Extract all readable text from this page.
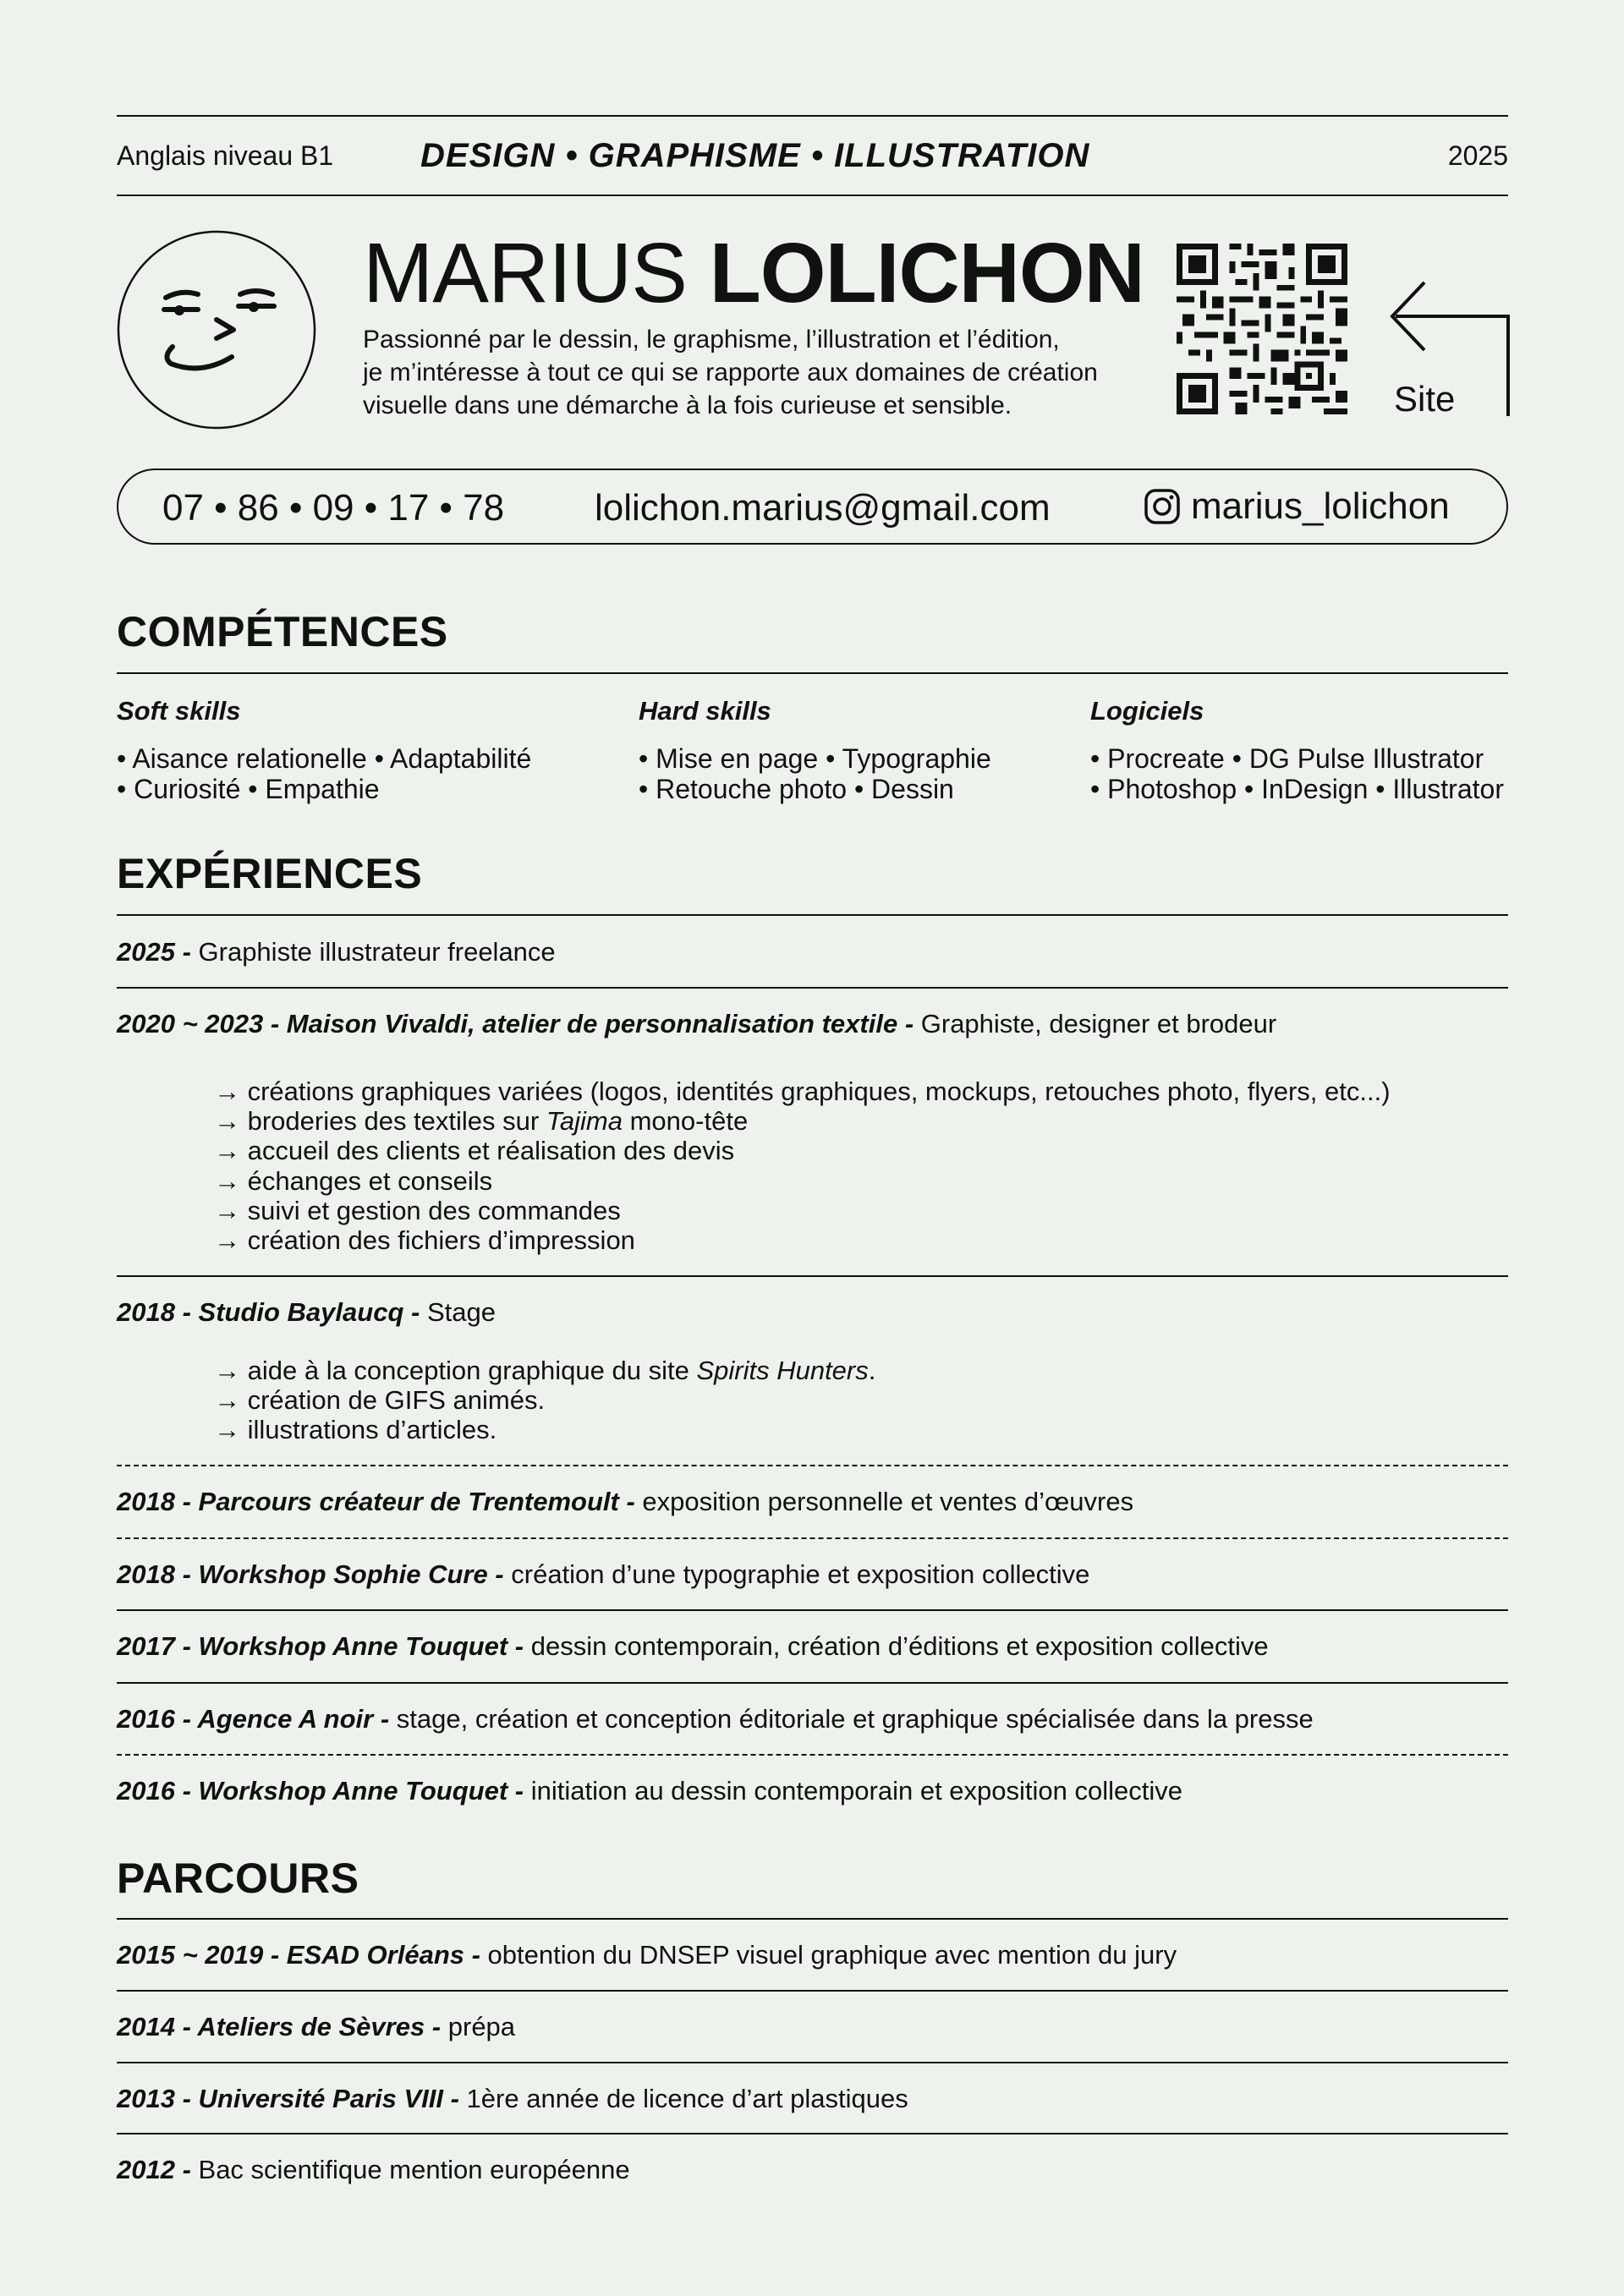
Anglais niveau B1	DESIGN • GRAPHISME • ILLUSTRATION	2025
MARIUS LOLICHON
Passionné par le dessin, le graphisme, l’illustration et l’édition,
je m’intéresse à tout ce qui se rapporte aux domaines de création
visuelle dans une démarche à la fois curieuse et sensible.	Site
07 • 86 • 09 • 17 • 78 lolichon.marius@gmail.com	marius_lolichon
COMPÉTENCES
Soft skills
• Aisance relationelle • Adaptabilité
• Curiosité • Empathie
Hard skills
• Mise en page • Typographie
• Retouche photo • Dessin
Logiciels
• Procreate • DG Pulse Illustrator
• Photoshop • InDesign • Illustrator
EXPÉRIENCES
2025 - Graphiste illustrateur freelance
2020 ~ 2023 - Maison Vivaldi, atelier de personnalisation textile - Graphiste, designer et brodeur
→ créations graphiques variées (logos, identités graphiques, mockups, retouches photo, flyers, etc...)
→ broderies des textiles sur Tajima mono-tête
→ accueil des clients et réalisation des devis
→ échanges et conseils
→ suivi et gestion des commandes
→ création des fichiers d’impression
2018 - Studio Baylaucq - Stage
→ aide à la conception graphique du site Spirits Hunters.
→ création de GIFS animés.
→ illustrations d’articles.
2018 - Parcours créateur de Trentemoult - exposition personnelle et ventes d’œuvres
2018 - Workshop Sophie Cure - création d’une typographie et exposition collective
2017 - Workshop Anne Touquet - dessin contemporain, création d’éditions et exposition collective
2016 - Agence A noir - stage, création et conception éditoriale et graphique spécialisée dans la presse
2016 - Workshop Anne Touquet - initiation au dessin contemporain et exposition collective
PARCOURS
2015 ~ 2019 - ESAD Orléans - obtention du DNSEP visuel graphique avec mention du jury
2014 - Ateliers de Sèvres - prépa
2013 - Université Paris VIII - 1ère année de licence d’art plastiques
2012 - Bac scientifique mention européenne
